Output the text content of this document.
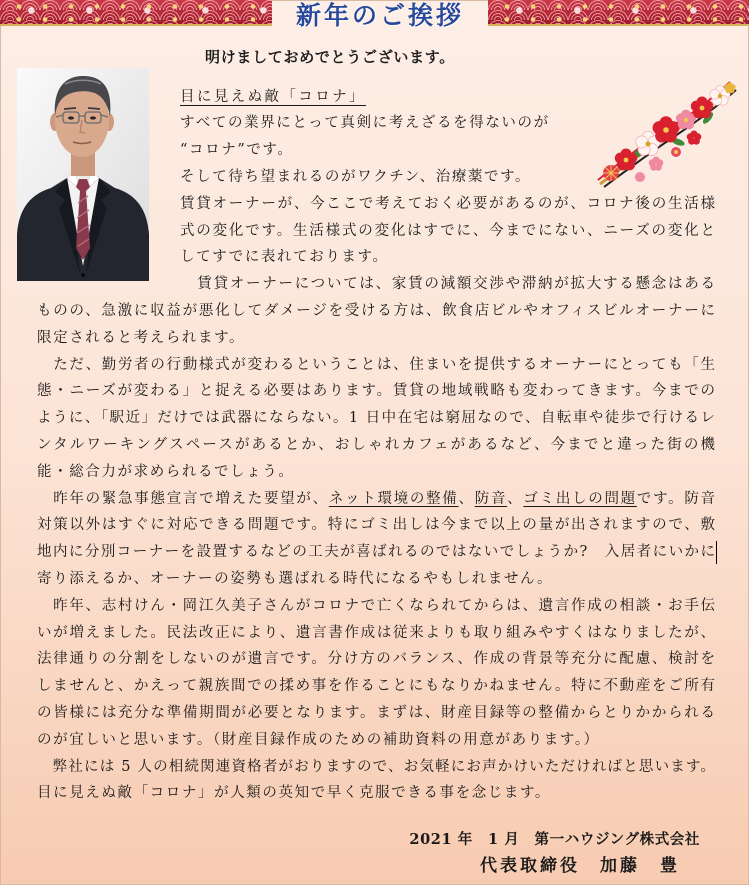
新年のご挨拶
明けましておめでとうございます。
目に見えぬ敵「コロナ」
すべての業界にとって真剣に考えざるを得ないのが
“コロナ”です。
そして待ち望まれるのがワクチン、治療薬です。
賃貸オーナーが、今ここで考えておく必要があるのが、コロナ後の生活様
式の変化です。生活様式の変化はすでに、今までにない、ニーズの変化と
してすでに表れております。
　賃貸オーナーについては、家賃の減額交渉や滞納が拡大する懸念はある
ものの、急激に収益が悪化してダメージを受ける方は、飲食店ビルやオフィスビルオーナーに
限定されると考えられます。
　ただ、勤労者の行動様式が変わるということは、住まいを提供するオーナーにとっても「生
態・ニーズが変わる」と捉える必要はあります。賃貸の地域戦略も変わってきます。今までの
ように、「駅近」だけでは武器にならない。1 日中在宅は窮屈なので、自転車や徒歩で行けるレ
ンタルワーキングスペースがあるとか、おしゃれカフェがあるなど、今までと違った街の機
能・総合力が求められるでしょう。
　昨年の緊急事態宣言で増えた要望が、ネット環境の整備、防音、ゴミ出しの問題です。防音
対策以外はすぐに対応できる問題です。特にゴミ出しは今まで以上の量が出されますので、敷
地内に分別コーナーを設置するなどの工夫が喜ばれるのではないでしょうか?　入居者にいかに
寄り添えるか、オーナーの姿勢も選ばれる時代になるやもしれません。
　昨年、志村けん・岡江久美子さんがコロナで亡くなられてからは、遺言作成の相談・お手伝
いが増えました。民法改正により、遺言書作成は従来よりも取り組みやすくはなりましたが、
法律通りの分割をしないのが遺言です。分け方のバランス、作成の背景等充分に配慮、検討を
しませんと、かえって親族間での揉め事を作ることにもなりかねません。特に不動産をご所有
の皆様には充分な準備期間が必要となります。まずは、財産目録等の整備からとりかかられる
のが宜しいと思います。（財産目録作成のための補助資料の用意があります。）
　弊社には 5 人の相続関連資格者がおりますので、お気軽にお声かけいただければと思います。
目に見えぬ敵「コロナ」が人類の英知で早く克服できる事を念じます。
2021 年　1 月　第一ハウジング株式会社
代表取締役　加藤　豊
